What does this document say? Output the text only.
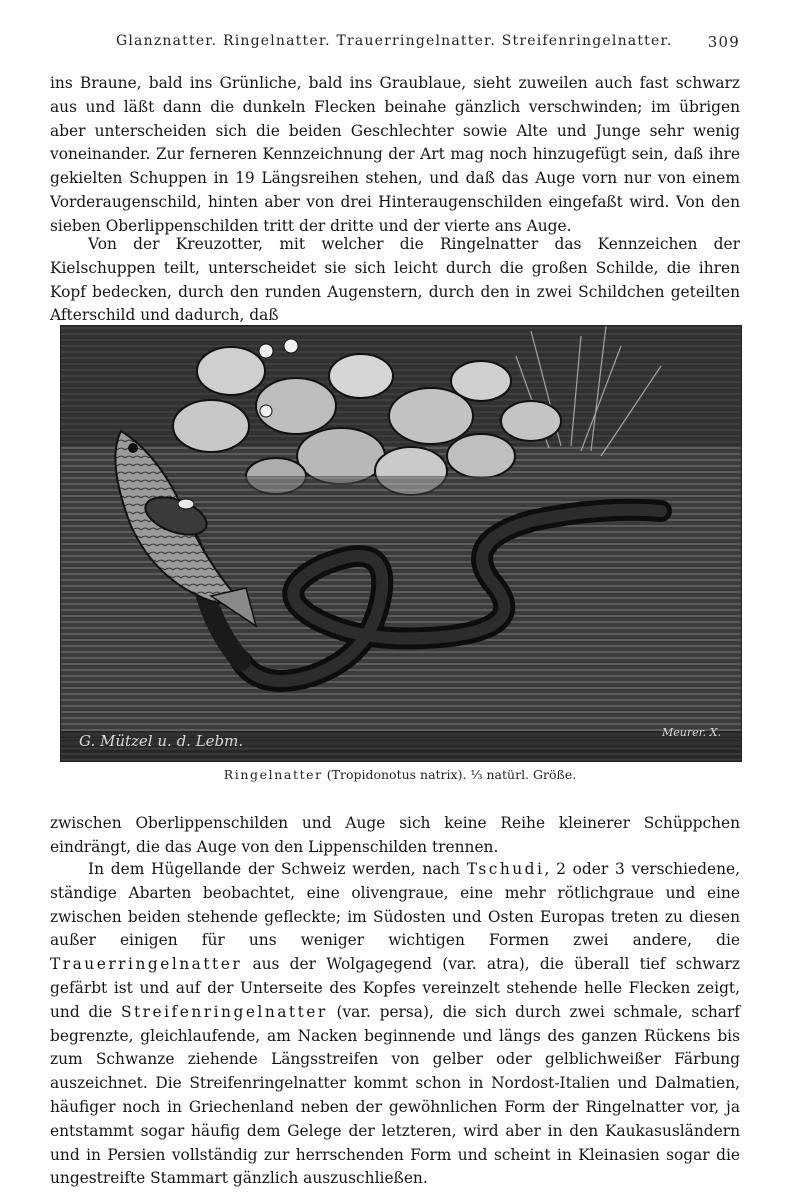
Glanznatter. Ringelnatter. Trauerringelnatter. Streifenringelnatter. 309

ins Braune, bald ins Grünliche, bald ins Graublaue, sieht zuweilen auch fast schwarz aus und läßt dann die dunkeln Flecken beinahe gänzlich verschwinden; im übrigen aber unterscheiden sich die beiden Geschlechter sowie Alte und Junge sehr wenig voneinander. Zur ferneren Kennzeichnung der Art mag noch hinzugefügt sein, daß ihre gekielten Schuppen in 19 Längsreihen stehen, und daß das Auge vorn nur von einem Vorderaugenschild, hinten aber von drei Hinteraugenschilden eingefaßt wird. Von den sieben Oberlippenschilden tritt der dritte und der vierte ans Auge.

Von der Kreuzotter, mit welcher die Ringelnatter das Kennzeichen der Kielschuppen teilt, unterscheidet sie sich leicht durch die großen Schilde, die ihren Kopf bedecken, durch den runden Augenstern, durch den in zwei Schildchen geteilten Afterschild und dadurch, daß

G. Mützel u. d. Lebm.	Meurer. X.
Ringelnatter (Tropidonotus natrix). ⅓ natürl. Größe.

zwischen Oberlippenschilden und Auge sich keine Reihe kleinerer Schüppchen eindrängt, die das Auge von den Lippenschilden trennen.

In dem Hügellande der Schweiz werden, nach Tschudi, 2 oder 3 verschiedene, ständige Abarten beobachtet, eine olivengraue, eine mehr rötlichgraue und eine zwischen beiden stehende gefleckte; im Südosten und Osten Europas treten zu diesen außer einigen für uns weniger wichtigen Formen zwei andere, die Trauerringelnatter aus der Wolgagegend (var. atra), die überall tief schwarz gefärbt ist und auf der Unterseite des Kopfes vereinzelt stehende helle Flecken zeigt, und die Streifenringelnatter (var. persa), die sich durch zwei schmale, scharf begrenzte, gleichlaufende, am Nacken beginnende und längs des ganzen Rückens bis zum Schwanze ziehende Längsstreifen von gelber oder gelblichweißer Färbung auszeichnet. Die Streifenringelnatter kommt schon in Nordost-Italien und Dalmatien, häufiger noch in Griechenland neben der gewöhnlichen Form der Ringelnatter vor, ja entstammt sogar häufig dem Gelege der letzteren, wird aber in den Kaukasusländern und in Persien vollständig zur herrschenden Form und scheint in Kleinasien sogar die ungestreifte Stammart gänzlich auszuschließen.
